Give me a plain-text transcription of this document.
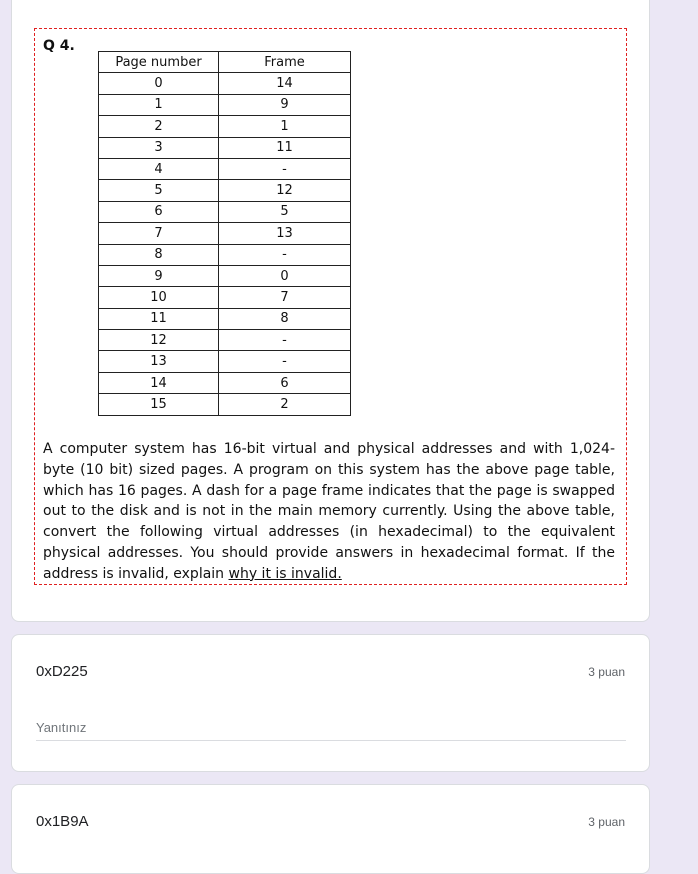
Q 4.
Page number	Frame
0	14
1	9
2	1
3	11
4	-
5	12
6	5
7	13
8	-
9	0
10	7
11	8
12	-
13	-
14	6
15	2

A computer system has 16-bit virtual and physical addresses and with 1,024-byte (10 bit) sized pages. A program on this system has the above page table, which has 16 pages. A dash for a page frame indicates that the page is swapped out to the disk and is not in the main memory currently. Using the above table, convert the following virtual addresses (in hexadecimal) to the equivalent physical addresses. You should provide answers in hexadecimal format. If the address is invalid, explain why it is invalid.

0xD225	3 puan
Yanıtınız
0x1B9A	3 puan
